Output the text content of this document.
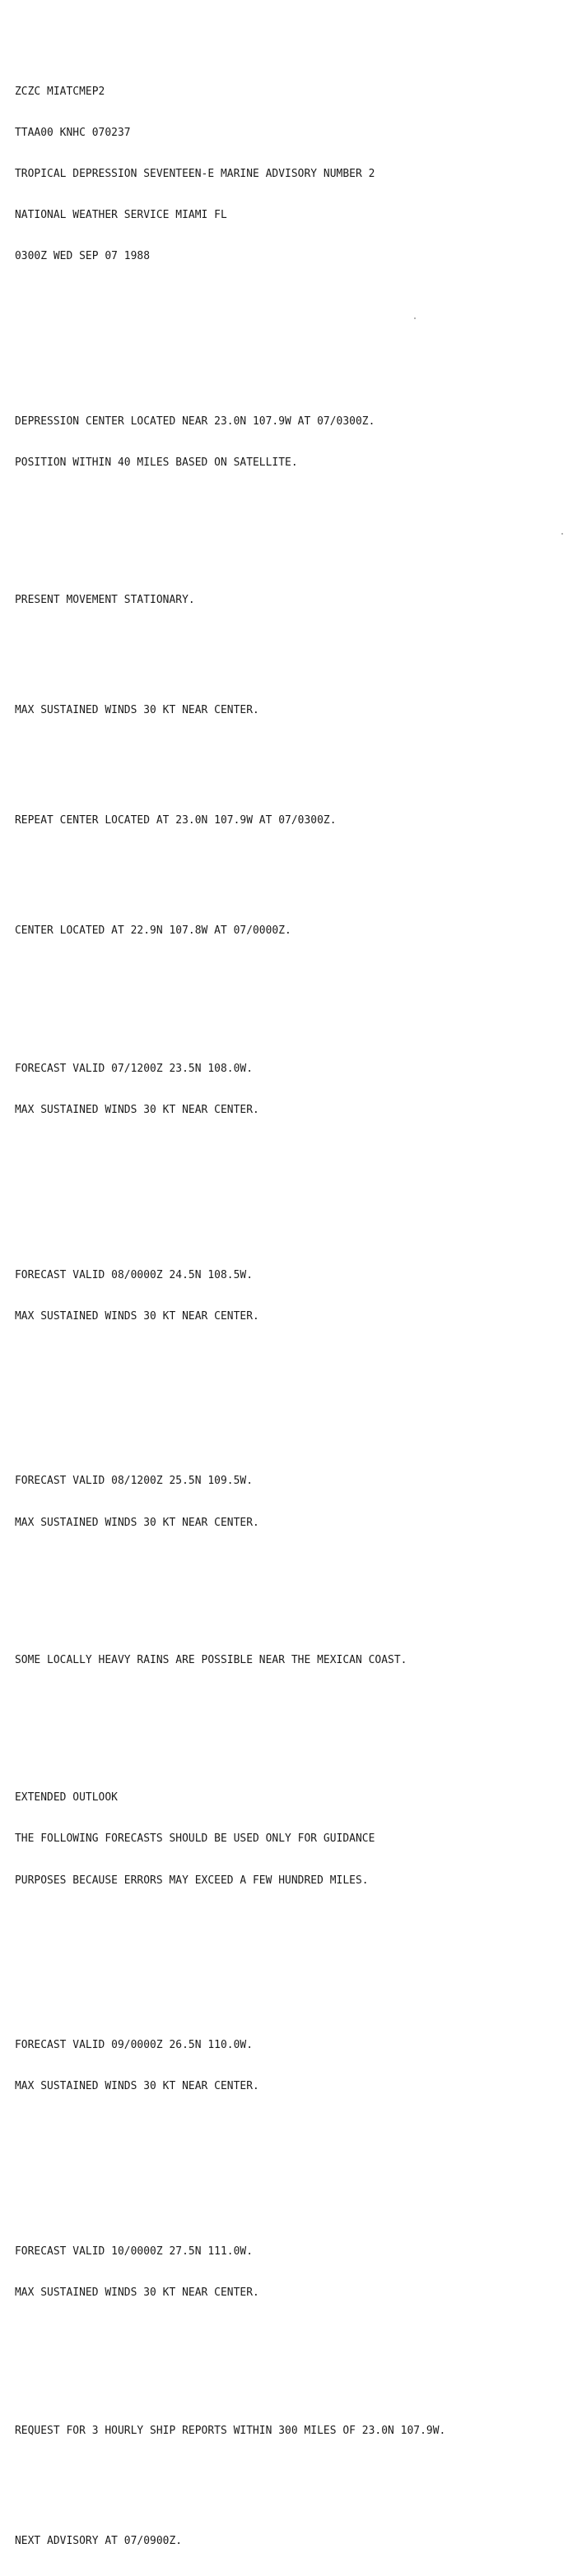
ZCZC MIATCMEP2

TTAA00 KNHC 070237

TROPICAL DEPRESSION SEVENTEEN-E MARINE ADVISORY NUMBER 2

NATIONAL WEATHER SERVICE MIAMI FL

0300Z WED SEP 07 1988

DEPRESSION CENTER LOCATED NEAR 23.0N 107.9W AT 07/0300Z.

POSITION WITHIN 40 MILES BASED ON SATELLITE.

PRESENT MOVEMENT STATIONARY.

MAX SUSTAINED WINDS 30 KT NEAR CENTER.

REPEAT CENTER LOCATED AT 23.0N 107.9W AT 07/0300Z.

CENTER LOCATED AT 22.9N 107.8W AT 07/0000Z.

FORECAST VALID 07/1200Z 23.5N 108.0W.

MAX SUSTAINED WINDS 30 KT NEAR CENTER.

FORECAST VALID 08/0000Z 24.5N 108.5W.

MAX SUSTAINED WINDS 30 KT NEAR CENTER.

FORECAST VALID 08/1200Z 25.5N 109.5W.

MAX SUSTAINED WINDS 30 KT NEAR CENTER.

SOME LOCALLY HEAVY RAINS ARE POSSIBLE NEAR THE MEXICAN COAST.

EXTENDED OUTLOOK

THE FOLLOWING FORECASTS SHOULD BE USED ONLY FOR GUIDANCE

PURPOSES BECAUSE ERRORS MAY EXCEED A FEW HUNDRED MILES.

FORECAST VALID 09/0000Z 26.5N 110.0W.

MAX SUSTAINED WINDS 30 KT NEAR CENTER.

FORECAST VALID 10/0000Z 27.5N 111.0W.

MAX SUSTAINED WINDS 30 KT NEAR CENTER.

REQUEST FOR 3 HOURLY SHIP REPORTS WITHIN 300 MILES OF 23.0N 107.9W.

NEXT ADVISORY AT 07/0900Z.
